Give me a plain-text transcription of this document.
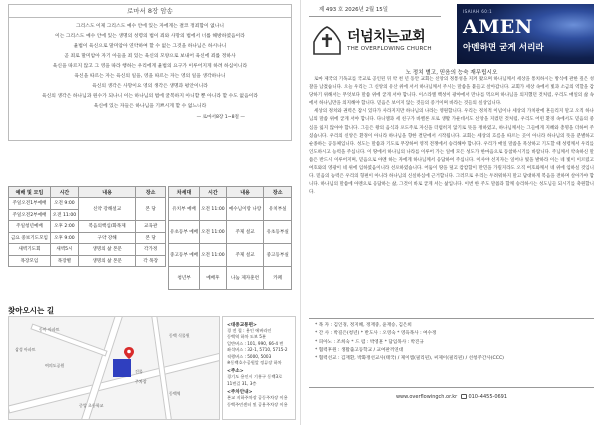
로마서 8장 암송
그리스도 이제 그리스도 예수 안에 있는 자에게는 결코 정죄함이 없나니
이는 그리스도 예수 안에 있는 생명의 성령의 법이 죄와 사망의 법에서 너를 해방하였음이라
율법이 육신으로 말미암아 연약하여 할 수 없는 그것을 하나님은 하시나니
곧 죄로 말미암아 자기 아들을 죄 있는 육신의 모양으로 보내어 육신에 죄를 정하사
육신을 따르지 않고 그 영을 따라 행하는 우리에게 율법의 요구가 이루어지게 하려 하심이니라
육신을 따르는 자는 육신의 일을, 영을 따르는 자는 영의 일을 생각하나니
육신의 생각은 사망이요 영의 생각은 생명과 평안이니라
육신의 생각은 하나님과 원수가 되나니 이는 하나님의 법에 굴복하지 아니할 뿐 아니라 할 수도 없음이라
육신에 있는 자들은 하나님을 기쁘시게 할 수 없느니라
— 로마서8장 1~8절 —
예배 및 모임	시간	내용	장소
주일오전1부예배	오전 9:00	신약 강해설교	본 당
주일오전2부예배	오전 11:00		
주일청년예배	오후 2:00	복음의핵심/화목제	교육관
금요 중보기도모임	오후 9:00	구약 강해	본 당
새벽기도회	새벽5시	생명의 삶 본문	각가정
목장모임	목장별	생명의 삶 본문	각 목장
차세대	시간	내용	장소
유치부 예배	오전 11:00	예수님이랑 나랑	유치부실
유초등부 예배	오전 11:00	주제 설교	유초등부실
중고등부 예배	오전 11:00	주제 설교	중고등부실
청년부	예배후	나눔 제자훈련	카페
찾아오시는 길
동아 아파트
삼성 아파트
여의도공원
동백 식물원
중앙 초등학교
동백역
건물
주차장
<대중교통편>
경 전 철 : 용인 에버라인
동백역 하차 도보 5분
일반버스 : 101, 990, 66-4 번
좌석버스 : 32-1, 5710, 5715-2
직행버스 : 5000, 5003
※동백호수공원앞 정류장 하차
<주소>
경기도 용인시 기흥구 동백3로
11번길 31, 3층
<주차안내>
본교 지하주차장 공동주차장 이용
동백주민센터 및 공용주차장 이용
제 493 호 2026년 2월 15일
더넘치는교회
THE OVERFLOWING CHURCH
ISAIAH 60:1
AMEN
아멘하면 굳게 서리라
노 정치 별고, 믿음의 능숙 재무립시오

로마 제국의 기독교를 국교로 공인된 뒤 약 천 년 동안 교회는 신앙의 정통성을 지켜 왔으며 하나님께서 세상을 통치하시는 방식에 관한 깊은 성찰을 남겼습니다. 오늘 우리는 그 신앙의 유산 위에 서서 하나님께서 주시는 말씀을 붙들고 살아갑니다. 교회가 세상 속에서 빛과 소금의 역할을 감당하기 위해서는 무엇보다 말씀 위에 굳게 서야 합니다. 이스라엘 백성이 광야에서 만나를 먹으며 하나님을 의지했던 것처럼, 우리도 매일의 삶 속에서 하나님만을 의지해야 합니다. 믿음은 보이지 않는 것들의 증거이며 바라는 것들의 실상입니다.

세상의 정치와 권력은 잠시 있다가 사라지지만 하나님의 나라는 영원합니다. 우리는 정치적 이념이나 세상의 가치관에 흔들리지 말고 오직 하나님의 말씀 위에 굳게 서야 합니다. 다니엘과 세 친구가 바벨론 포로 생활 가운데서도 신앙을 지켰던 것처럼, 우리도 어떤 환경 속에서도 믿음의 중심을 잃지 않아야 합니다. 그들은 왕의 음식과 포도주로 자신을 더럽히지 않기로 뜻을 정하였고, 하나님께서는 그들에게 지혜와 총명을 더하여 주셨습니다. 우리의 신앙은 환경이 아니라 하나님을 향한 결단에서 시작됩니다. 교회는 세상의 흐름을 따르는 곳이 아니라 하나님의 뜻을 분별하고 순종하는 공동체입니다. 성도는 말씀과 기도로 무장하여 영적 전쟁에서 승리해야 합니다. 우리가 매일 말씀을 묵상하고 기도할 때 성령께서 우리를 인도하시고 능력을 주십니다. 이 땅에서 하나님의 나라를 이루어 가는 일에 모든 성도가 한마음으로 동참하시기를 바랍니다. 주님께서 약속하신 말씀은 반드시 이루어지며, 믿음으로 아멘 하는 자에게 하나님께서 응답하여 주십니다. 이사야 선지자는 일어나 빛을 발하라 이는 네 빛이 이르렀고 여호와의 영광이 네 위에 임하였음이니라 선포하였습니다. 어둠이 땅을 덮고 캄캄함이 만민을 가릴지라도 오직 여호와께서 네 위에 임하실 것입니다. 믿음의 능력은 우리의 형편이 아니라 하나님의 신실하심에 근거합니다. 그러므로 우리는 두려워하지 말고 담대하게 복음을 전하며 살아가야 합니다. 하나님의 말씀에 아멘으로 응답하는 삶, 그것이 바로 굳게 서는 삶입니다. 이번 한 주도 말씀과 함께 승리하시는 성도님들 되시기를 축원합니다.

* 목 자 : 김인경, 정지혜, 정재중, 윤재승, 김은희
* 간 사 : 박길은(청년) * 반도사 : 오영숙 * 영육목사 : 여수정
* 피아노 : 조희숙 * 드 럼 : 박영훈 * 담임목사 : 박진규
* 협력후원 : 생활출고등학교 / 교여판끼연대
* 협력선교 : 김재환, 박화정선교사(태국) / 제이엠(필리핀), 씨제이(필리핀) / 선청주간사(CCC)
www.overflowingch.or.kr 010-4455-0691
